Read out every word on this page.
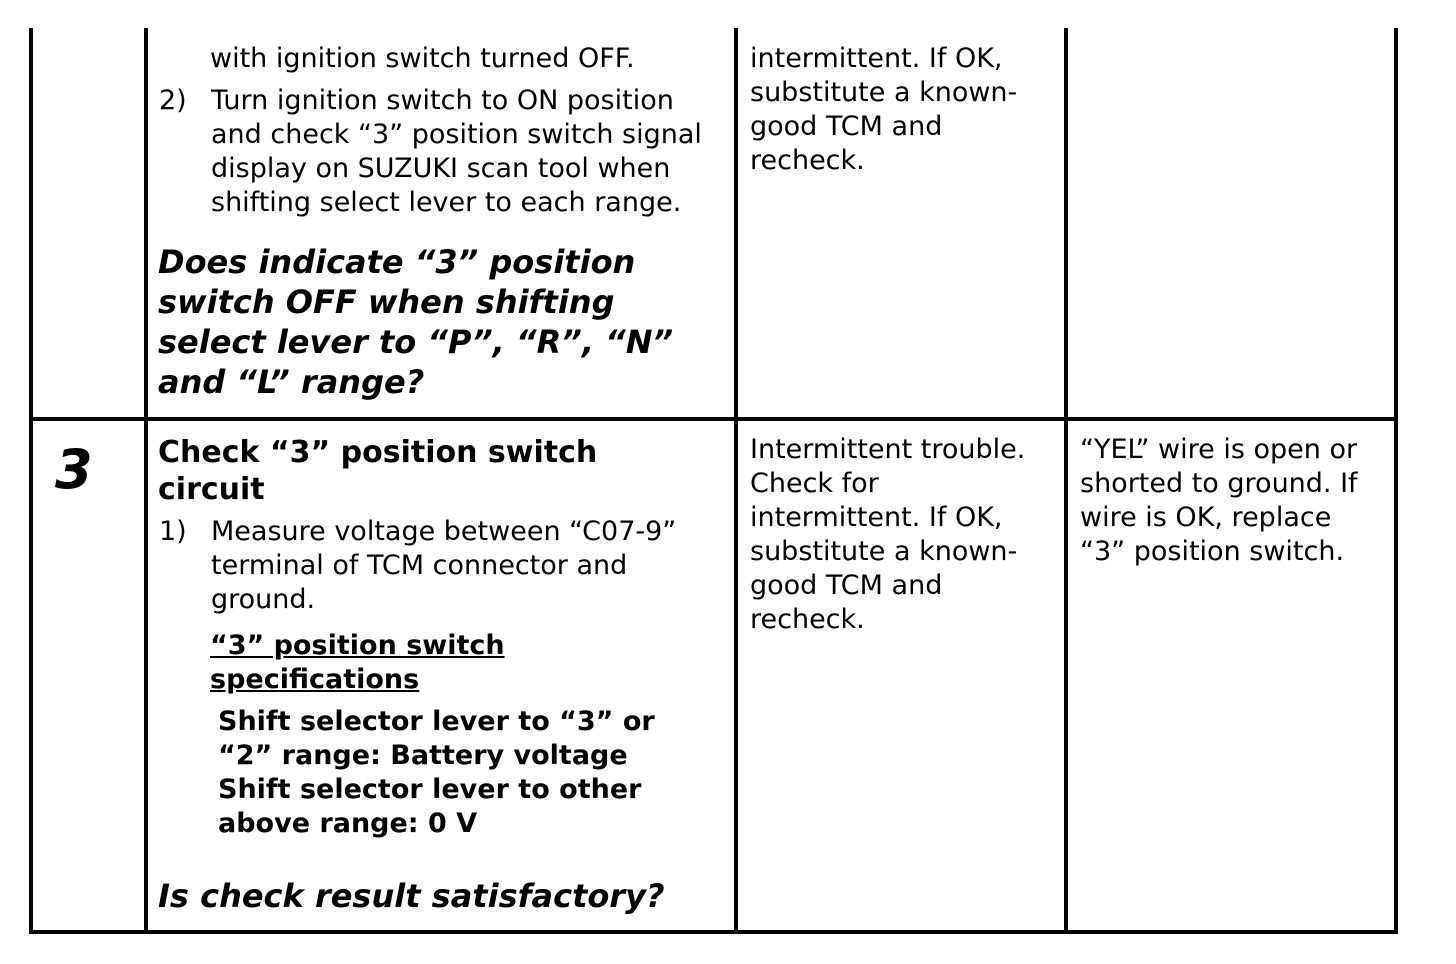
with ignition switch turned OFF.
2) Turn ignition switch to ON position and check “3” position switch signal display on SUZUKI scan tool when shifting select lever to each range.
Does indicate “3” position switch OFF when shifting select lever to “P”, “R”, “N” and “L” range?
intermittent. If OK, substitute a known-good TCM and recheck.
3	Check “3” position switch circuit
1) Measure voltage between “C07-9” terminal of TCM connector and ground.
“3” position switch specifications
Shift selector lever to “3” or
“2” range: Battery voltage
Shift selector lever to other
above range: 0 V
Is check result satisfactory?
Intermittent trouble. Check for intermittent. If OK, substitute a known-good TCM and recheck.
“YEL” wire is open or shorted to ground. If wire is OK, replace “3” position switch.
